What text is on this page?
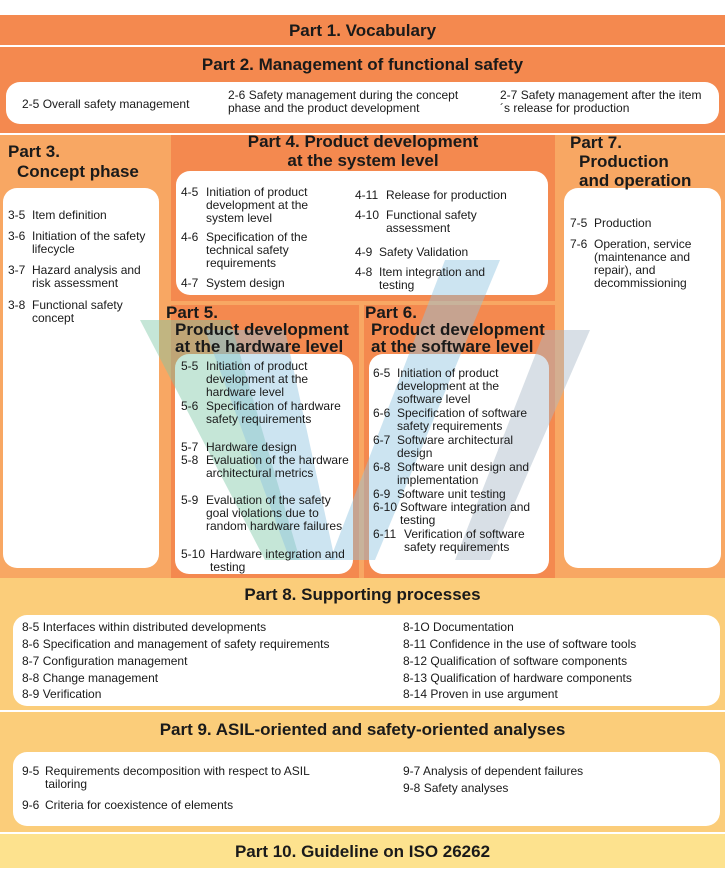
Part 1. Vocabulary
Part 2. Management of functional safety
2-5 Overall safety management
2-6 Safety management during the concept phase and the product development
2-7 Safety management after the item´s release for production
Part 3.
Concept phase
3-5 Item definition
3-6 Initiation of the safety lifecycle
3-7 Hazard analysis and risk assessment
3-8 Functional safety concept
Part 4. Product development
at the system level
4-5 Initiation of product development at the system level
4-6 Specification of the technical safety requirements
4-7 System design
4-11 Release for production
4-10 Functional safety assessment
4-9 Safety Validation
4-8 Item integration and testing
Part 5.
Product development
at the hardware level
5-5 Initiation of product development at the hardware level
5-6 Specification of hardware safety requirements
5-7 Hardware design
5-8 Evaluation of the hardware architectural metrics
5-9 Evaluation of the safety goal violations due to random hardware failures
5-10 Hardware integration and testing
Part 6.
Product development
at the software level
6-5 Initiation of product development at the software level
6-6 Specification of software safety requirements
6-7 Software architectural design
6-8 Software unit design and implementation
6-9 Software unit testing
6-10 Software integration and testing
6-11 Verification of software safety requirements
Part 7.
Production
and operation
7-5 Production
7-6 Operation, service (maintenance and repair), and decommissioning
Part 8. Supporting processes
8-5 Interfaces within distributed developments
8-6 Specification and management of safety requirements
8-7 Configuration management
8-8 Change management
8-9 Verification
8-1O Documentation
8-11 Confidence in the use of software tools
8-12 Qualification of software components
8-13 Qualification of hardware components
8-14 Proven in use argument
Part 9. ASIL-oriented and safety-oriented analyses
9-5 Requirements decomposition with respect to ASIL tailoring
9-6 Criteria for coexistence of elements
9-7 Analysis of dependent failures
9-8 Safety analyses
Part 10. Guideline on ISO 26262
